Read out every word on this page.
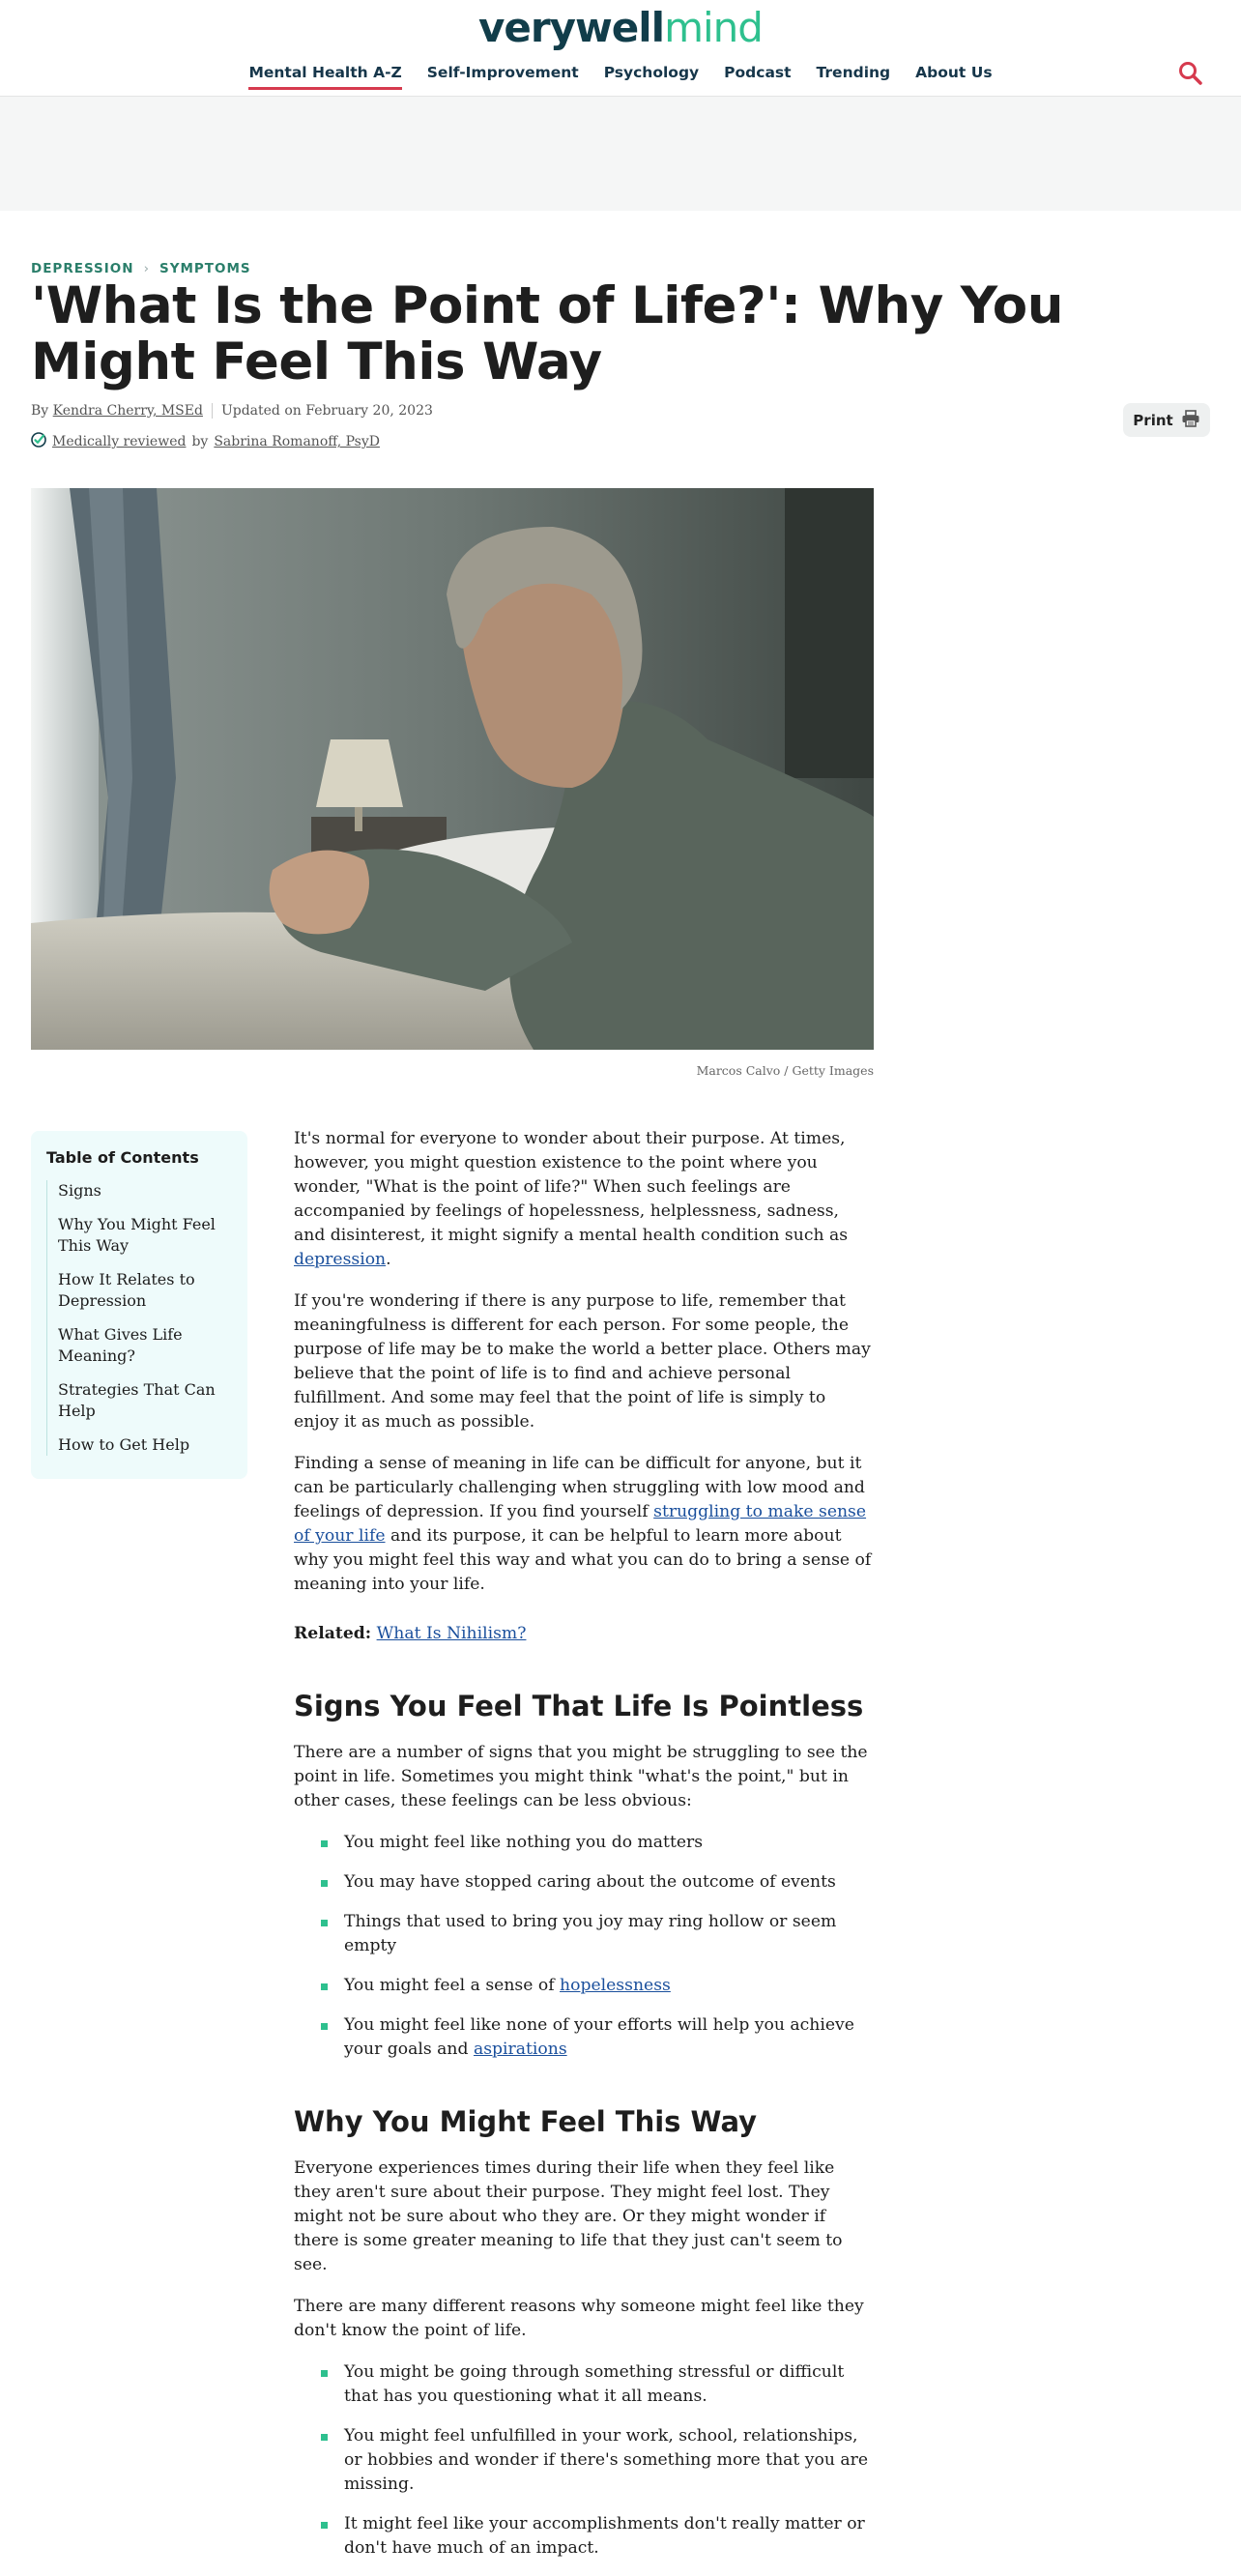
verywellmind
Mental Health A-Z Self-Improvement Psychology Podcast Trending About Us
DEPRESSION › SYMPTOMS
'What Is the Point of Life?': Why You Might Feel This Way
By
Kendra Cherry, MSEd Updated on February 20, 2023
Medically reviewed by Sabrina Romanoff, PsyD
Print
Marcos Calvo / Getty Images
Table of Contents
Signs
Why You Might Feel This Way
How It Relates to Depression
What Gives Life Meaning?
Strategies That Can Help
How to Get Help

It's normal for everyone to wonder about their purpose. At times, however, you might question existence to the point where you wonder, "What is the point of life?" When such feelings are accompanied by feelings of hopelessness, helplessness, sadness, and disinterest, it might signify a mental health condition such as depression.

If you're wondering if there is any purpose to life, remember that meaningfulness is different for each person. For some people, the purpose of life may be to make the world a better place. Others may believe that the point of life is to find and achieve personal fulfillment. And some may feel that the point of life is simply to enjoy it as much as possible.

Finding a sense of meaning in life can be difficult for anyone, but it can be particularly challenging when struggling with low mood and feelings of depression. If you find yourself struggling to make sense of your life and its purpose, it can be helpful to learn more about why you might feel this way and what you can do to bring a sense of meaning into your life.

Related: What Is Nihilism?

Signs You Feel That Life Is Pointless

There are a number of signs that you might be struggling to see the point in life. Sometimes you might think "what's the point," but in other cases, these feelings can be less obvious:

You might feel like nothing you do matters
You may have stopped caring about the outcome of events
Things that used to bring you joy may ring hollow or seem empty
You might feel a sense of hopelessness
You might feel like none of your efforts will help you achieve your goals and aspirations
Why You Might Feel This Way

Everyone experiences times during their life when they feel like they aren't sure about their purpose. They might feel lost. They might not be sure about who they are. Or they might wonder if there is some greater meaning to life that they just can't seem to see.

There are many different reasons why someone might feel like they don't know the point of life.

You might be going through something stressful or difficult that has you questioning what it all means.
You might feel unfulfilled in your work, school, relationships, or hobbies and wonder if there's something more that you are missing.
It might feel like your accomplishments don't really matter or don't have much of an impact.
